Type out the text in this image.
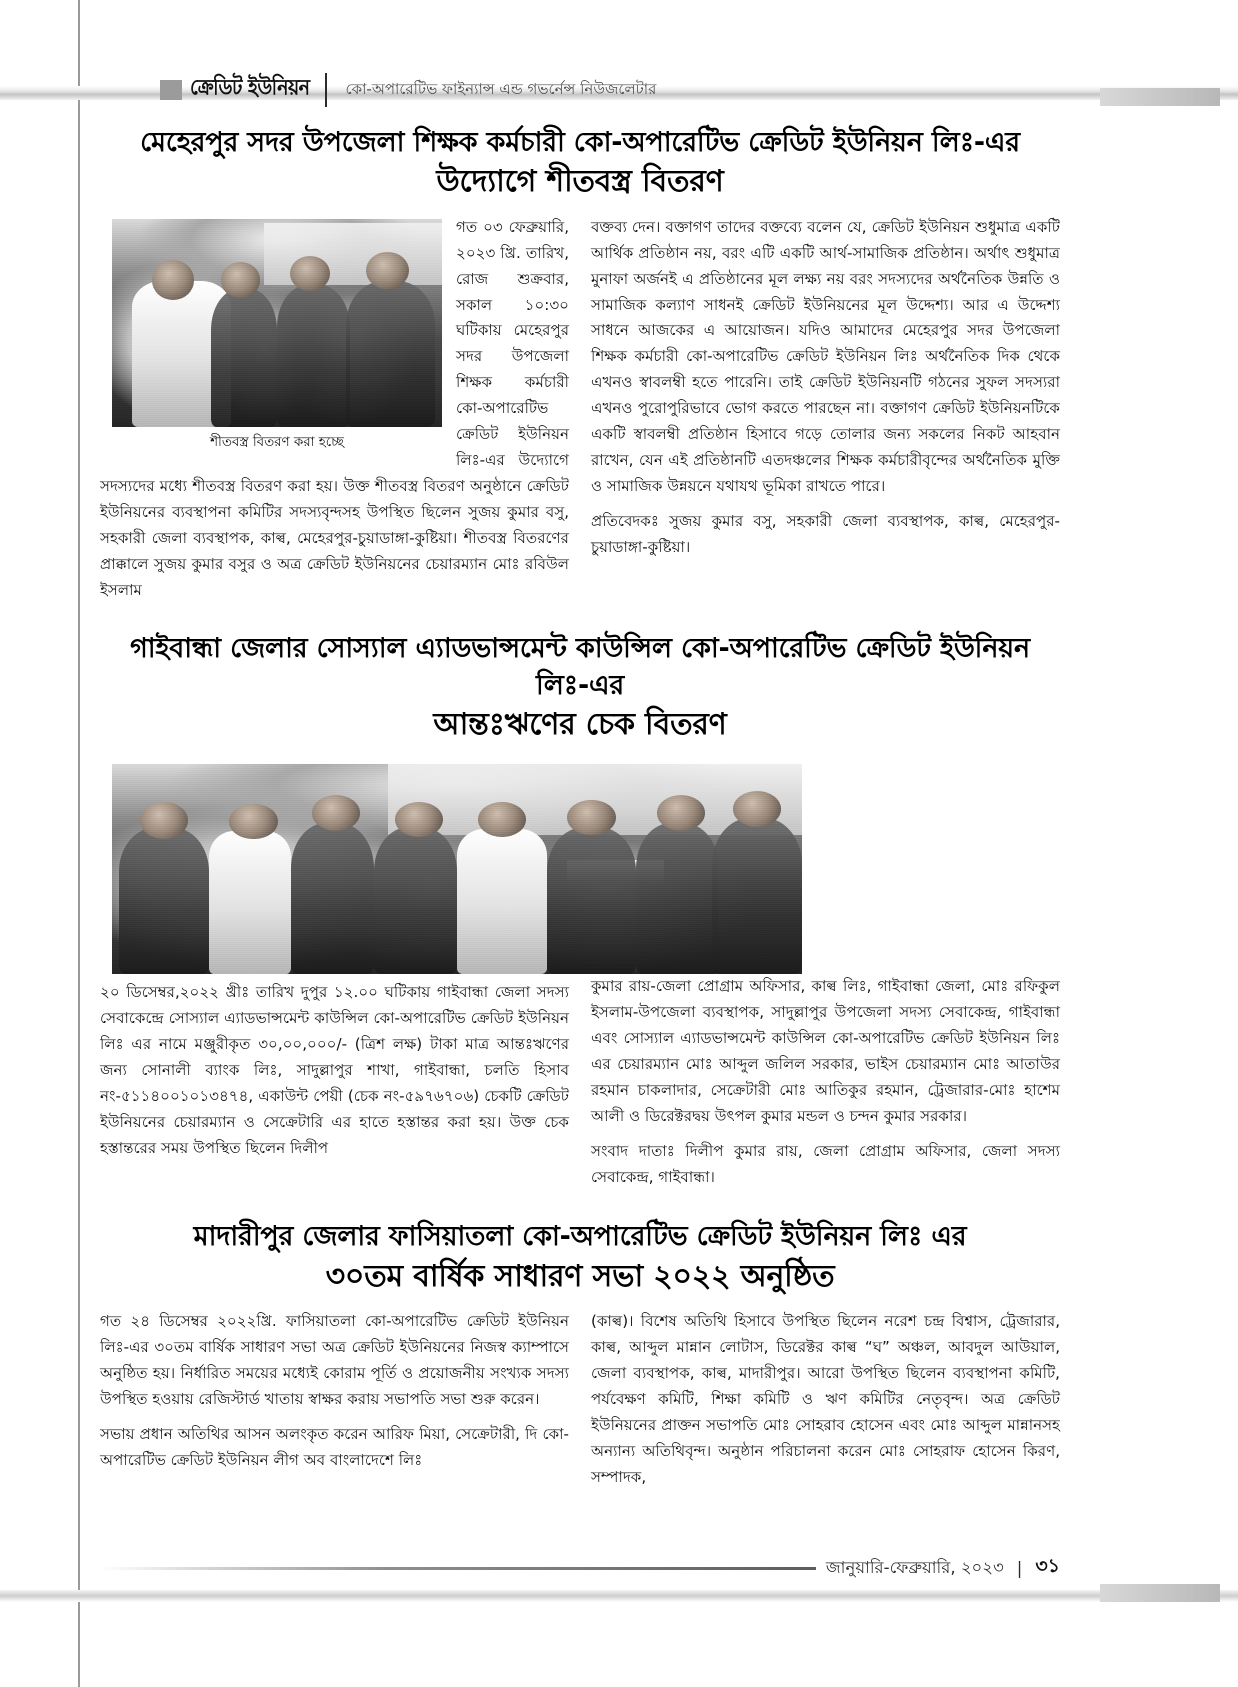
ক্রেডিট ইউনিয়ন কো-অপারেটিভ ফাইন্যান্স এন্ড গভর্নেন্স নিউজলেটার
মেহেরপুর সদর উপজেলা শিক্ষক কর্মচারী কো-অপারেটিভ ক্রেডিট ইউনিয়ন লিঃ-এর
উদ্যোগে শীতবস্ত্র বিতরণ
শীতবস্ত্র বিতরণ করা হচ্ছে

গত ০৩ ফেব্রুয়ারি, ২০২৩ খ্রি. তারিখ, রোজ শুক্রবার, সকাল ১০:৩০ ঘটিকায় মেহেরপুর সদর উপজেলা শিক্ষক কর্মচারী কো-অপারেটিভ ক্রেডিট ইউনিয়ন লিঃ-এর উদ্যোগে সদস্যদের মধ্যে শীতবস্ত্র বিতরণ করা হয়। উক্ত শীতবস্ত্র বিতরণ অনুষ্ঠানে ক্রেডিট ইউনিয়নের ব্যবস্থাপনা কমিটির সদস্যবৃন্দসহ উপস্থিত ছিলেন সুজয় কুমার বসু, সহকারী জেলা ব্যবস্থাপক, কাল্ব, মেহেরপুর-চুয়াডাঙ্গা-কুষ্টিয়া। শীতবস্ত্র বিতরণের প্রাক্কালে সুজয় কুমার বসুর ও অত্র ক্রেডিট ইউনিয়নের চেয়ারম্যান মোঃ রবিউল ইসলাম

বক্তব্য দেন। বক্তাগণ তাদের বক্তব্যে বলেন যে, ক্রেডিট ইউনিয়ন শুধুমাত্র একটি আর্থিক প্রতিষ্ঠান নয়, বরং এটি একটি আর্থ-সামাজিক প্রতিষ্ঠান। অর্থাৎ শুধুমাত্র মুনাফা অর্জনই এ প্রতিষ্ঠানের মূল লক্ষ্য নয় বরং সদস্যদের অর্থনৈতিক উন্নতি ও সামাজিক কল্যাণ সাধনই ক্রেডিট ইউনিয়নের মূল উদ্দেশ্য। আর এ উদ্দেশ্য সাধনে আজকের এ আয়োজন। যদিও আমাদের মেহেরপুর সদর উপজেলা শিক্ষক কর্মচারী কো-অপারেটিভ ক্রেডিট ইউনিয়ন লিঃ অর্থনৈতিক দিক থেকে এখনও স্বাবলম্বী হতে পারেনি। তাই ক্রেডিট ইউনিয়নটি গঠনের সুফল সদস্যরা এখনও পুরোপুরিভাবে ভোগ করতে পারছেন না। বক্তাগণ ক্রেডিট ইউনিয়নটিকে একটি স্বাবলম্বী প্রতিষ্ঠান হিসাবে গড়ে তোলার জন্য সকলের নিকট আহবান রাখেন, যেন এই প্রতিষ্ঠানটি এতদঞ্চলের শিক্ষক কর্মচারীবৃন্দের অর্থনৈতিক মুক্তি ও সামাজিক উন্নয়নে যথাযথ ভূমিকা রাখতে পারে।

প্রতিবেদকঃ সুজয় কুমার বসু, সহকারী জেলা ব্যবস্থাপক, কাল্ব, মেহেরপুর-চুয়াডাঙ্গা-কুষ্টিয়া।

গাইবান্ধা জেলার সোস্যাল এ্যাডভান্সমেন্ট কাউন্সিল কো-অপারেটিভ ক্রেডিট ইউনিয়ন লিঃ-এর
আন্তঃঋণের চেক বিতরণ

২০ ডিসেম্বর,২০২২ খ্রীঃ তারিখ দুপুর ১২.০০ ঘটিকায় গাইবান্ধা জেলা সদস্য সেবাকেন্দ্রে সোস্যাল এ্যাডভান্সমেন্ট কাউন্সিল কো-অপারেটিভ ক্রেডিট ইউনিয়ন লিঃ এর নামে মঞ্জুরীকৃত ৩০,০০,০০০/- (ত্রিশ লক্ষ) টাকা মাত্র আন্তঃঋণের জন্য সোনালী ব্যাংক লিঃ, সাদুল্লাপুর শাখা, গাইবান্ধা, চলতি হিসাব নং-৫১১৪০০১০১৩৪৭৪, একাউন্ট পেয়ী (চেক নং-৫৯৭৬৭০৬) চেকটি ক্রেডিট ইউনিয়নের চেয়ারম্যান ও সেক্রেটারি এর হাতে হস্তান্তর করা হয়। উক্ত চেক হস্তান্তরের সময় উপস্থিত ছিলেন দিলীপ

কুমার রায়-জেলা প্রোগ্রাম অফিসার, কাল্ব লিঃ, গাইবান্ধা জেলা, মোঃ রফিকুল ইসলাম-উপজেলা ব্যবস্থাপক, সাদুল্লাপুর উপজেলা সদস্য সেবাকেন্দ্র, গাইবান্ধা এবং সোস্যাল এ্যাডভান্সমেন্ট কাউন্সিল কো-অপারেটিভ ক্রেডিট ইউনিয়ন লিঃ এর চেয়ারম্যান মোঃ আব্দুল জলিল সরকার, ভাইস চেয়ারম্যান মোঃ আতাউর রহমান চাকলাদার, সেক্রেটারী মোঃ আতিকুর রহমান, ট্রেজারার-মোঃ হাশেম আলী ও ডিরেক্টরদ্বয় উৎপল কুমার মন্ডল ও চন্দন কুমার সরকার।

সংবাদ দাতাঃ দিলীপ কুমার রায়, জেলা প্রোগ্রাম অফিসার, জেলা সদস্য সেবাকেন্দ্র, গাইবান্ধা।

মাদারীপুর জেলার ফাসিয়াতলা কো-অপারেটিভ ক্রেডিট ইউনিয়ন লিঃ এর
৩০তম বার্ষিক সাধারণ সভা ২০২২ অনুষ্ঠিত

গত ২৪ ডিসেম্বর ২০২২খ্রি. ফাসিয়াতলা কো-অপারেটিভ ক্রেডিট ইউনিয়ন লিঃ-এর ৩০তম বার্ষিক সাধারণ সভা অত্র ক্রেডিট ইউনিয়নের নিজস্ব ক্যাম্পাসে অনুষ্ঠিত হয়। নির্ধারিত সময়ের মধ্যেই কোরাম পূর্তি ও প্রয়োজনীয় সংখ্যক সদস্য উপস্থিত হওয়ায় রেজিস্টার্ড খাতায় স্বাক্ষর করায় সভাপতি সভা শুরু করেন।

সভায় প্রধান অতিথির আসন অলংকৃত করেন আরিফ মিয়া, সেক্রেটারী, দি কো-অপারেটিভ ক্রেডিট ইউনিয়ন লীগ অব বাংলাদেশে লিঃ

(কাল্ব)। বিশেষ অতিথি হিসাবে উপস্থিত ছিলেন নরেশ চন্দ্র বিশ্বাস, ট্রেজারার, কাল্ব, আব্দুল মান্নান লোটাস, ডিরেক্টর কাল্ব “ঘ” অঞ্চল, আবদুল আউয়াল, জেলা ব্যবস্থাপক, কাল্ব, মাদারীপুর। আরো উপস্থিত ছিলেন ব্যবস্থাপনা কমিটি, পর্যবেক্ষণ কমিটি, শিক্ষা কমিটি ও ঋণ কমিটির নেতৃবৃন্দ। অত্র ক্রেডিট ইউনিয়নের প্রাক্তন সভাপতি মোঃ সোহরাব হোসেন এবং মোঃ আব্দুল মান্নানসহ অন্যান্য অতিথিবৃন্দ। অনুষ্ঠান পরিচালনা করেন মোঃ সোহরাফ হোসেন কিরণ, সম্পাদক,

জানুয়ারি-ফেব্রুয়ারি, ২০২৩ | ৩১
